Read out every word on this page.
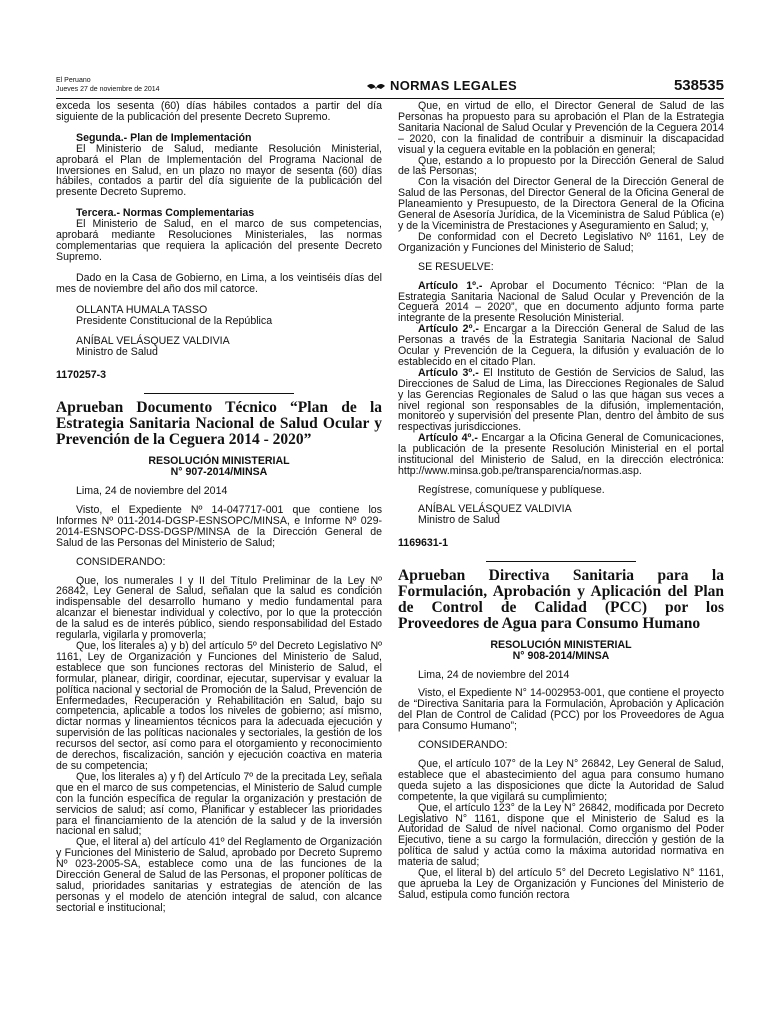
El Peruano
Jueves 27 de noviembre de 2014	NORMAS LEGALES	538535

exceda los sesenta (60) días hábiles contados a partir del día siguiente de la publicación del presente Decreto Supremo.

Segunda.- Plan de Implementación

El Ministerio de Salud, mediante Resolución Ministerial, aprobará el Plan de Implementación del Programa Nacional de Inversiones en Salud, en un plazo no mayor de sesenta (60) días hábiles, contados a partir del día siguiente de la publicación del presente Decreto Supremo.

Tercera.- Normas Complementarias

El Ministerio de Salud, en el marco de sus competencias, aprobará mediante Resoluciones Ministeriales, las normas complementarias que requiera la aplicación del presente Decreto Supremo.

Dado en la Casa de Gobierno, en Lima, a los veintiséis días del mes de noviembre del año dos mil catorce.

OLLANTA HUMALA TASSO

Presidente Constitucional de la República

ANÍBAL VELÁSQUEZ VALDIVIA

Ministro de Salud

1170257-3

Aprueban Documento Técnico “Plan de la Estrategia Sanitaria Nacional de Salud Ocular y Prevención de la Ceguera 2014 - 2020”

RESOLUCIÓN MINISTERIAL
N° 907-2014/MINSA

Lima, 24 de noviembre del 2014

Visto, el Expediente Nº 14-047717-001 que contiene los Informes Nº 011-2014-DGSP-ESNSOPC/MINSA, e Informe Nº 029-2014-ESNSOPC-DSS-DGSP/MINSA de la Dirección General de Salud de las Personas del Ministerio de Salud;

CONSIDERANDO:

Que, los numerales I y II del Título Preliminar de la Ley Nº 26842, Ley General de Salud, señalan que la salud es condición indispensable del desarrollo humano y medio fundamental para alcanzar el bienestar individual y colectivo, por lo que la protección de la salud es de interés público, siendo responsabilidad del Estado regularla, vigilarla y promoverla;

Que, los literales a) y b) del artículo 5º del Decreto Legislativo Nº 1161, Ley de Organización y Funciones del Ministerio de Salud, establece que son funciones rectoras del Ministerio de Salud, el formular, planear, dirigir, coordinar, ejecutar, supervisar y evaluar la política nacional y sectorial de Promoción de la Salud, Prevención de Enfermedades, Recuperación y Rehabilitación en Salud, bajo su competencia, aplicable a todos los niveles de gobierno; así mismo, dictar normas y lineamientos técnicos para la adecuada ejecución y supervisión de las políticas nacionales y sectoriales, la gestión de los recursos del sector, así como para el otorgamiento y reconocimiento de derechos, fiscalización, sanción y ejecución coactiva en materia de su competencia;

Que, los literales a) y f) del Artículo 7º de la precitada Ley, señala que en el marco de sus competencias, el Ministerio de Salud cumple con la función específica de regular la organización y prestación de servicios de salud; así como, Planificar y establecer las prioridades para el financiamiento de la atención de la salud y de la inversión nacional en salud;

Que, el literal a) del artículo 41º del Reglamento de Organización y Funciones del Ministerio de Salud, aprobado por Decreto Supremo Nº 023-2005-SA, establece como una de las funciones de la Dirección General de Salud de las Personas, el proponer políticas de salud, prioridades sanitarias y estrategias de atención de las personas y el modelo de atención integral de salud, con alcance sectorial e institucional;

Que, en virtud de ello, el Director General de Salud de las Personas ha propuesto para su aprobación el Plan de la Estrategia Sanitaria Nacional de Salud Ocular y Prevención de la Ceguera 2014 – 2020, con la finalidad de contribuir a disminuir la discapacidad visual y la ceguera evitable en la población en general;

Que, estando a lo propuesto por la Dirección General de Salud de las Personas;

Con la visación del Director General de la Dirección General de Salud de las Personas, del Director General de la Oficina General de Planeamiento y Presupuesto, de la Directora General de la Oficina General de Asesoría Jurídica, de la Viceministra de Salud Pública (e) y de la Viceministra de Prestaciones y Aseguramiento en Salud; y,

De conformidad con el Decreto Legislativo Nº 1161, Ley de Organización y Funciones del Ministerio de Salud;

SE RESUELVE:

Artículo 1º.- Aprobar el Documento Técnico: “Plan de la Estrategia Sanitaria Nacional de Salud Ocular y Prevención de la Ceguera 2014 – 2020”, que en documento adjunto forma parte integrante de la presente Resolución Ministerial.

Artículo 2º.- Encargar a la Dirección General de Salud de las Personas a través de la Estrategia Sanitaria Nacional de Salud Ocular y Prevención de la Ceguera, la difusión y evaluación de lo establecido en el citado Plan.

Artículo 3º.- El Instituto de Gestión de Servicios de Salud, las Direcciones de Salud de Lima, las Direcciones Regionales de Salud y las Gerencias Regionales de Salud o las que hagan sus veces a nivel regional son responsables de la difusión, implementación, monitoreo y supervisión del presente Plan, dentro del ámbito de sus respectivas jurisdicciones.

Artículo 4º.- Encargar a la Oficina General de Comunicaciones, la publicación de la presente Resolución Ministerial en el portal institucional del Ministerio de Salud, en la dirección electrónica: http://www.minsa.gob.pe/transparencia/normas.asp.

Regístrese, comuníquese y publíquese.

ANÍBAL VELÁSQUEZ VALDIVIA

Ministro de Salud

1169631-1

Aprueban Directiva Sanitaria para la Formulación, Aprobación y Aplicación del Plan de Control de Calidad (PCC) por los Proveedores de Agua para Consumo Humano

RESOLUCIÓN MINISTERIAL
N° 908-2014/MINSA

Lima, 24 de noviembre del 2014

Visto, el Expediente N° 14-002953-001, que contiene el proyecto de “Directiva Sanitaria para la Formulación, Aprobación y Aplicación del Plan de Control de Calidad (PCC) por los Proveedores de Agua para Consumo Humano”;

CONSIDERANDO:

Que, el artículo 107° de la Ley N° 26842, Ley General de Salud, establece que el abastecimiento del agua para consumo humano queda sujeto a las disposiciones que dicte la Autoridad de Salud competente, la que vigilará su cumplimiento;

Que, el artículo 123° de la Ley N° 26842, modificada por Decreto Legislativo N° 1161, dispone que el Ministerio de Salud es la Autoridad de Salud de nivel nacional. Como organismo del Poder Ejecutivo, tiene a su cargo la formulación, dirección y gestión de la política de salud y actúa como la máxima autoridad normativa en materia de salud;

Que, el literal b) del artículo 5° del Decreto Legislativo N° 1161, que aprueba la Ley de Organización y Funciones del Ministerio de Salud, estipula como función rectora
